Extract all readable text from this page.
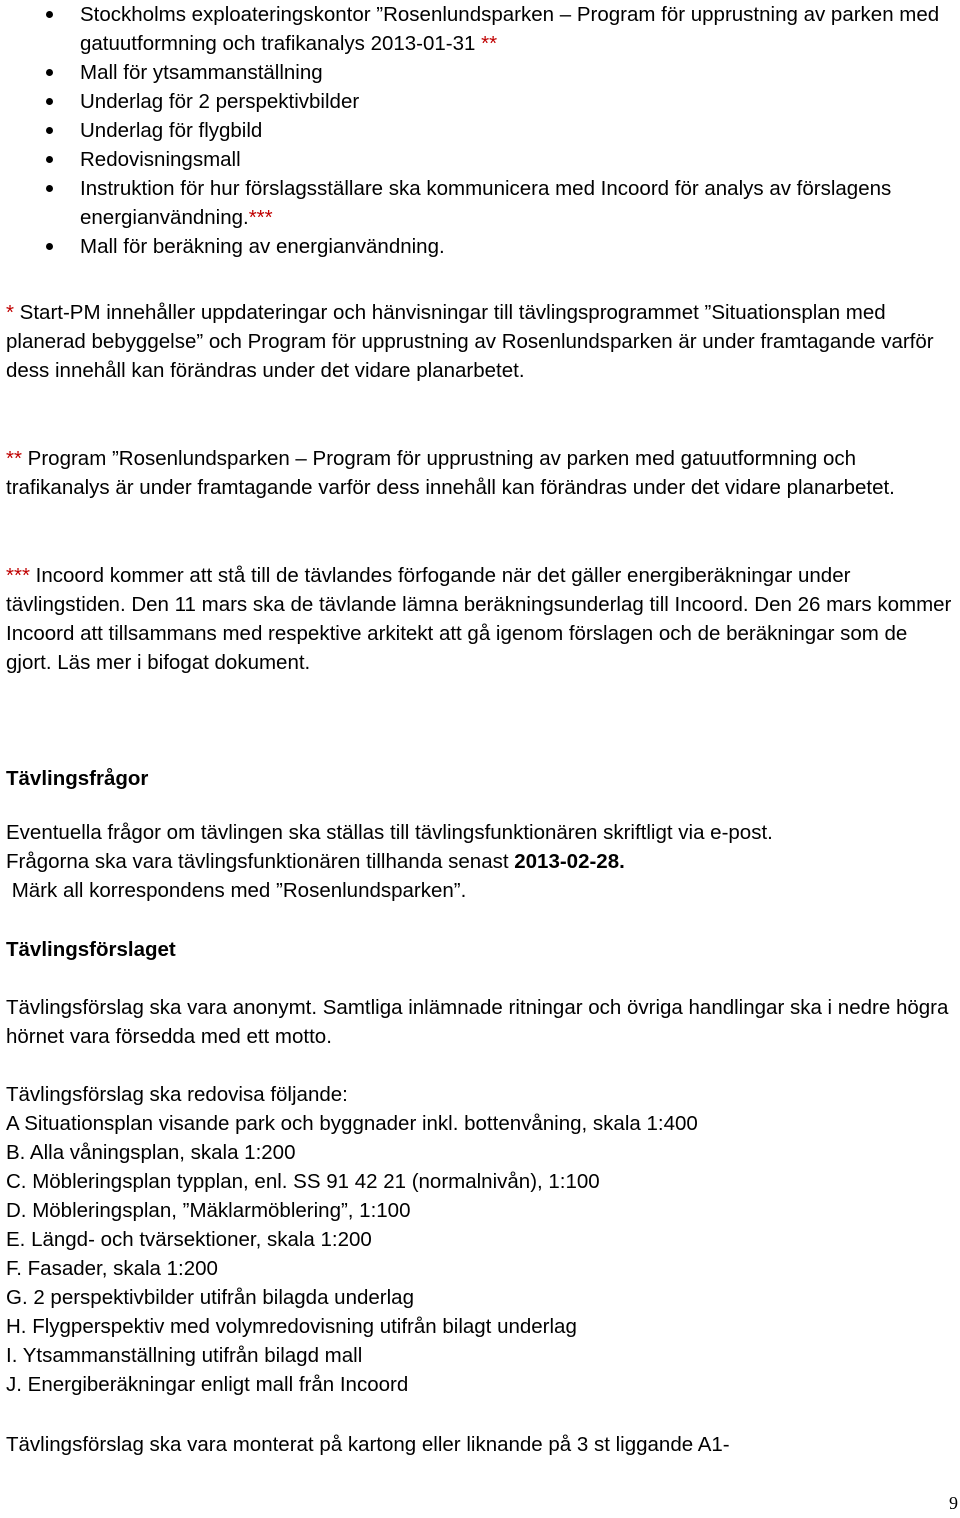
Stockholms exploateringskontor ”Rosenlundsparken – Program för upprustning av parken med gatuutformning och trafikanalys 2013-01-31 **
Mall för ytsammanställning
Underlag för 2 perspektivbilder
Underlag för flygbild
Redovisningsmall
Instruktion för hur förslagsställare ska kommunicera med Incoord för analys av förslagens energianvändning.***
Mall för beräkning av energianvändning.

* Start-PM innehåller uppdateringar och hänvisningar till tävlingsprogrammet ”Situationsplan med planerad bebyggelse” och Program för upprustning av Rosenlundsparken är under framtagande varför dess innehåll kan förändras under det vidare planarbetet.

** Program ”Rosenlundsparken – Program för upprustning av parken med gatuutformning och trafikanalys är under framtagande varför dess innehåll kan förändras under det vidare planarbetet.

*** Incoord kommer att stå till de tävlandes förfogande när det gäller energiberäkningar under tävlingstiden. Den 11 mars ska de tävlande lämna beräkningsunderlag till Incoord. Den 26 mars kommer Incoord att tillsammans med respektive arkitekt att gå igenom förslagen och de beräkningar som de gjort. Läs mer i bifogat dokument.

Tävlingsfrågor

Eventuella frågor om tävlingen ska ställas till tävlingsfunktionären skriftligt via e-post.
Frågorna ska vara tävlingsfunktionären tillhanda senast 2013-02-28.
Märk all korrespondens med ”Rosenlundsparken”.

Tävlingsförslaget

Tävlingsförslag ska vara anonymt. Samtliga inlämnade ritningar och övriga handlingar ska i nedre högra hörnet vara försedda med ett motto.

Tävlingsförslag ska redovisa följande:
A Situationsplan visande park och byggnader inkl. bottenvåning, skala 1:400
B. Alla våningsplan, skala 1:200
C. Möbleringsplan typplan, enl. SS 91 42 21 (normalnivån), 1:100
D. Möbleringsplan, ”Mäklarmöblering”, 1:100
E. Längd- och tvärsektioner, skala 1:200
F. Fasader, skala 1:200
G. 2 perspektivbilder utifrån bilagda underlag
H. Flygperspektiv med volymredovisning utifrån bilagt underlag
I. Ytsammanställning utifrån bilagd mall
J. Energiberäkningar enligt mall från Incoord

Tävlingsförslag ska vara monterat på kartong eller liknande på 3 st liggande A1-

9
